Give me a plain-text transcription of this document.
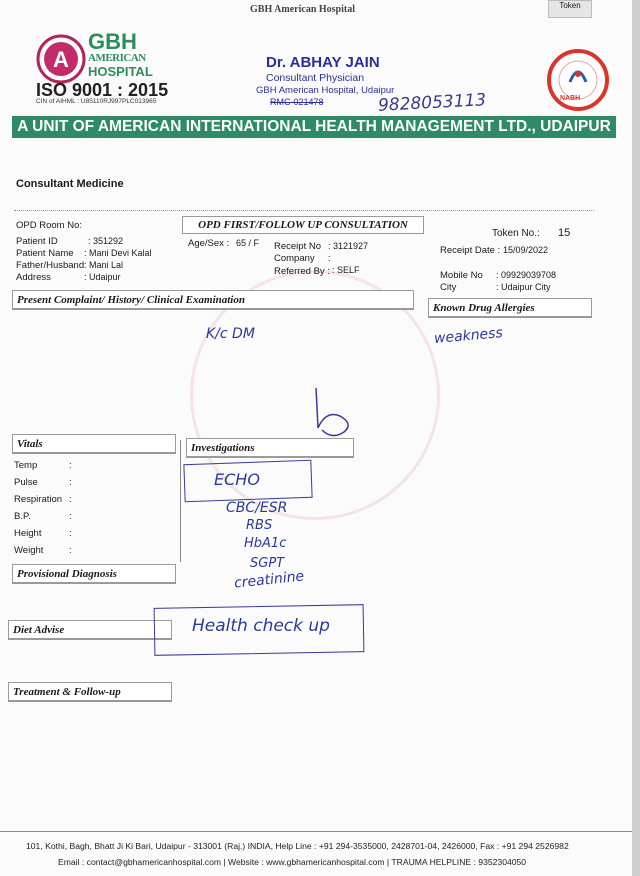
GBH American Hospital	Token
A
GBH
AMERICAN
HOSPITAL
ISO 9001 : 2015
CIN of AIHML : U85110RJ997PLC013965
Dr. ABHAY JAIN
Consultant Physician
GBH American Hospital, Udaipur
RMC-021478	9828053113	NABH
A UNIT OF AMERICAN INTERNATIONAL HEALTH MANAGEMENT LTD., UDAIPUR
Consultant Medicine
OPD Room No:	OPD FIRST/FOLLOW UP CONSULTATION
Token No.: 15
Patient ID	: 351292
Patient Name : Mani Devi Kalal
Father/Husband : Mani Lal
Address	: Udaipur
Age/Sex : 65 / F Receipt No : 3121927
Company :
Referred By : : SELF
Receipt Date : 15/09/2022
Mobile No : 09929039708
City	: Udaipur City
Present Complaint/ History/ Clinical Examination
Known Drug Allergies
K/c DM	weakness
Vitals	Investigations
Temp	:
Pulse	:
Respiration :
B.P.	:
Height	:
Weight	:
ECHO
CBC/ESR
RBS
HbA1c
SGPT
creatinine
Provisional Diagnosis
Diet Advise	Health check up
Treatment & Follow-up
101, Kothi, Bagh, Bhatt Ji Ki Bari, Udaipur - 313001 (Raj.) INDIA, Help Line : +91 294-3535000, 2428701-04, 2426000, Fax : +91 294 2526982
Email : contact@gbhamericanhospital.com | Website : www.gbhamericanhospital.com | TRAUMA HELPLINE : 9352304050
